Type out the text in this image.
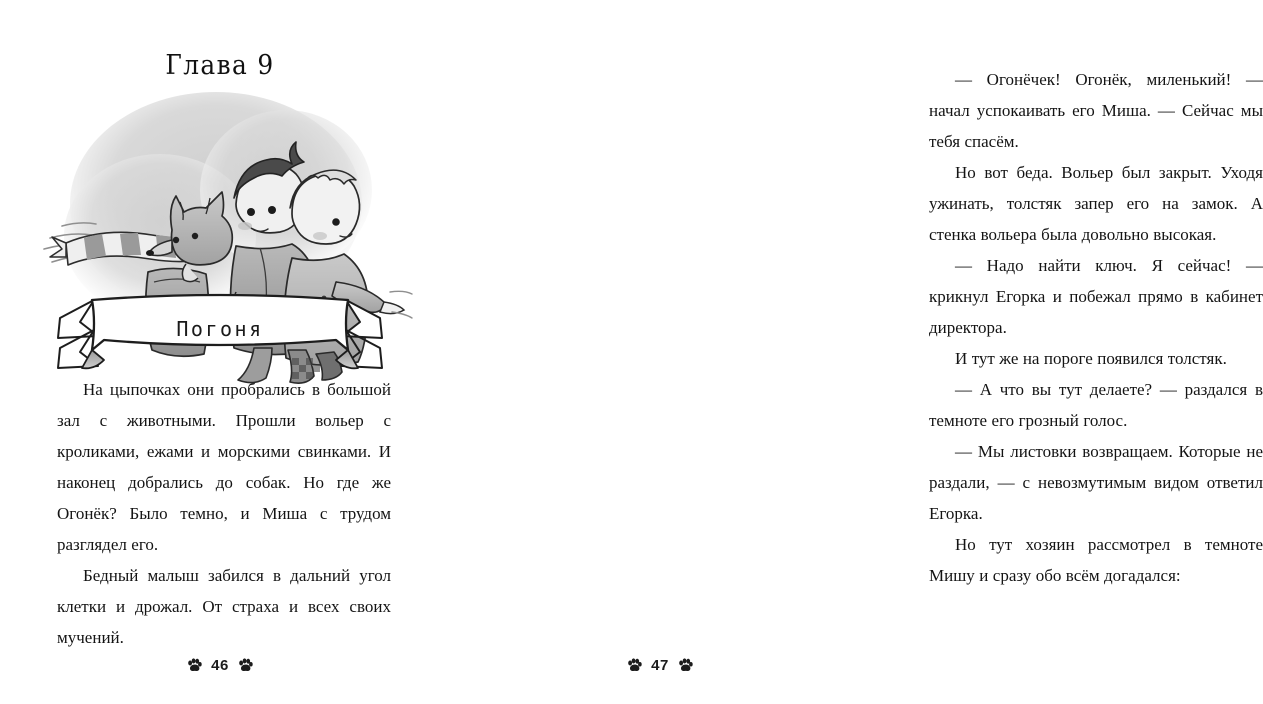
Глава 9
Погоня

На цыпочках они пробрались в большой зал с животными. Прошли вольер с кроликами, ежами и морскими свинками. И наконец добрались до собак. Но где же Огонёк? Было темно, и Миша с трудом разглядел его.

Бедный малыш забился в дальний угол клетки и дрожал. От страха и всех своих мучений.

46

— Огонёчек! Огонёк, миленький! — начал успокаивать его Миша. — Сейчас мы тебя спасём.

Но вот беда. Вольер был закрыт. Уходя ужинать, толстяк запер его на замок. А стенка вольера была довольно высокая.

— Надо найти ключ. Я сейчас! — крикнул Егорка и побежал прямо в кабинет директора.

И тут же на пороге появился толстяк.

— А что вы тут делаете? — раздался в темноте его грозный голос.

— Мы листовки возвращаем. Которые не раздали, — с невозмутимым видом ответил Егорка.

Но тут хозяин рассмотрел в темноте Мишу и сразу обо всём догадался:

47
